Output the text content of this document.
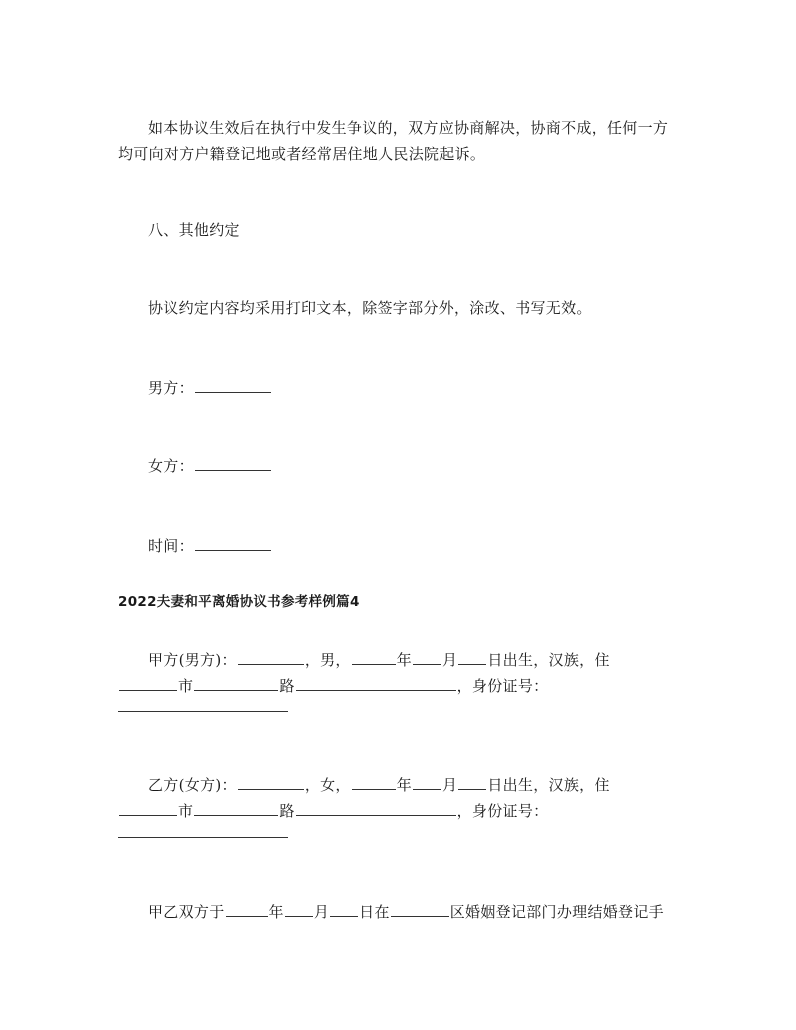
如本协议生效后在执行中发生争议的，双方应协商解决，协商不成，任何一方
均可向对方户籍登记地或者经常居住地人民法院起诉。
八、其他约定
协议约定内容均采用打印文本，除签字部分外，涂改、书写无效。
男方：
女方：
时间：
2022夫妻和平离婚协议书参考样例篇4
甲方(男方)：	，男，	年 月 日出生，汉族，住
市	路	，身份证号：
乙方(女方)：	，女，	年 月 日出生，汉族，住
市	路	，身份证号：
甲乙双方于	年 月 日在	区婚姻登记部门办理结婚登记手
